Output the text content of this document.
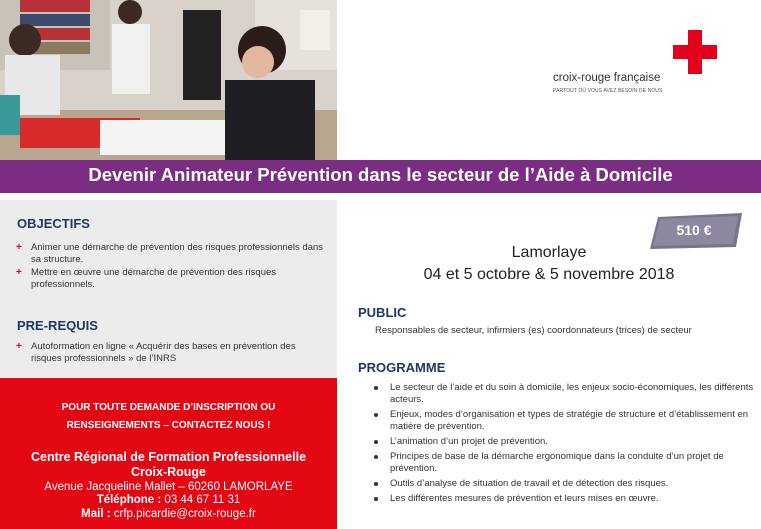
croix-rouge française
PARTOUT OÙ VOUS AVEZ BESOIN DE NOUS
Devenir Animateur Prévention dans le secteur de l’Aide à Domicile
OBJECTIFS
+ Animer une démarche de prévention des risques professionnels dans sa structure.
+ Mettre en œuvre une démarche de prévention des risques professionnels.
PRE-REQUIS
+ Autoformation en ligne « Acquérir des bases en prévention des risques professionnels » de l’INRS
POUR TOUTE DEMANDE D’INSCRIPTION OU
RENSEIGNEMENTS – CONTACTEZ NOUS !
Centre Régional de Formation Professionnelle
Croix-Rouge
Avenue Jacqueline Mallet – 60260 LAMORLAYE
Téléphone : 03 44 67 11 31
Mail : crfp.picardie@croix-rouge.fr
510 €
Lamorlaye
04 et 5 octobre & 5 novembre 2018
PUBLIC
Responsables de secteur, infirmiers (es) coordonnateurs (trices) de secteur
PROGRAMME
Le secteur de l’aide et du soin à domicile, les enjeux socio-économiques, les différents acteurs.
Enjeux, modes d’organisation et types de stratégie de structure et d’établissement en matière de prévention.
L’animation d’un projet de prévention.
Principes de base de la démarche ergonomique dans la conduite d’un projet de prévention.
Outils d’analyse de situation de travail et de détection des risques.
Les différentes mesures de prévention et leurs mises en œuvre.
